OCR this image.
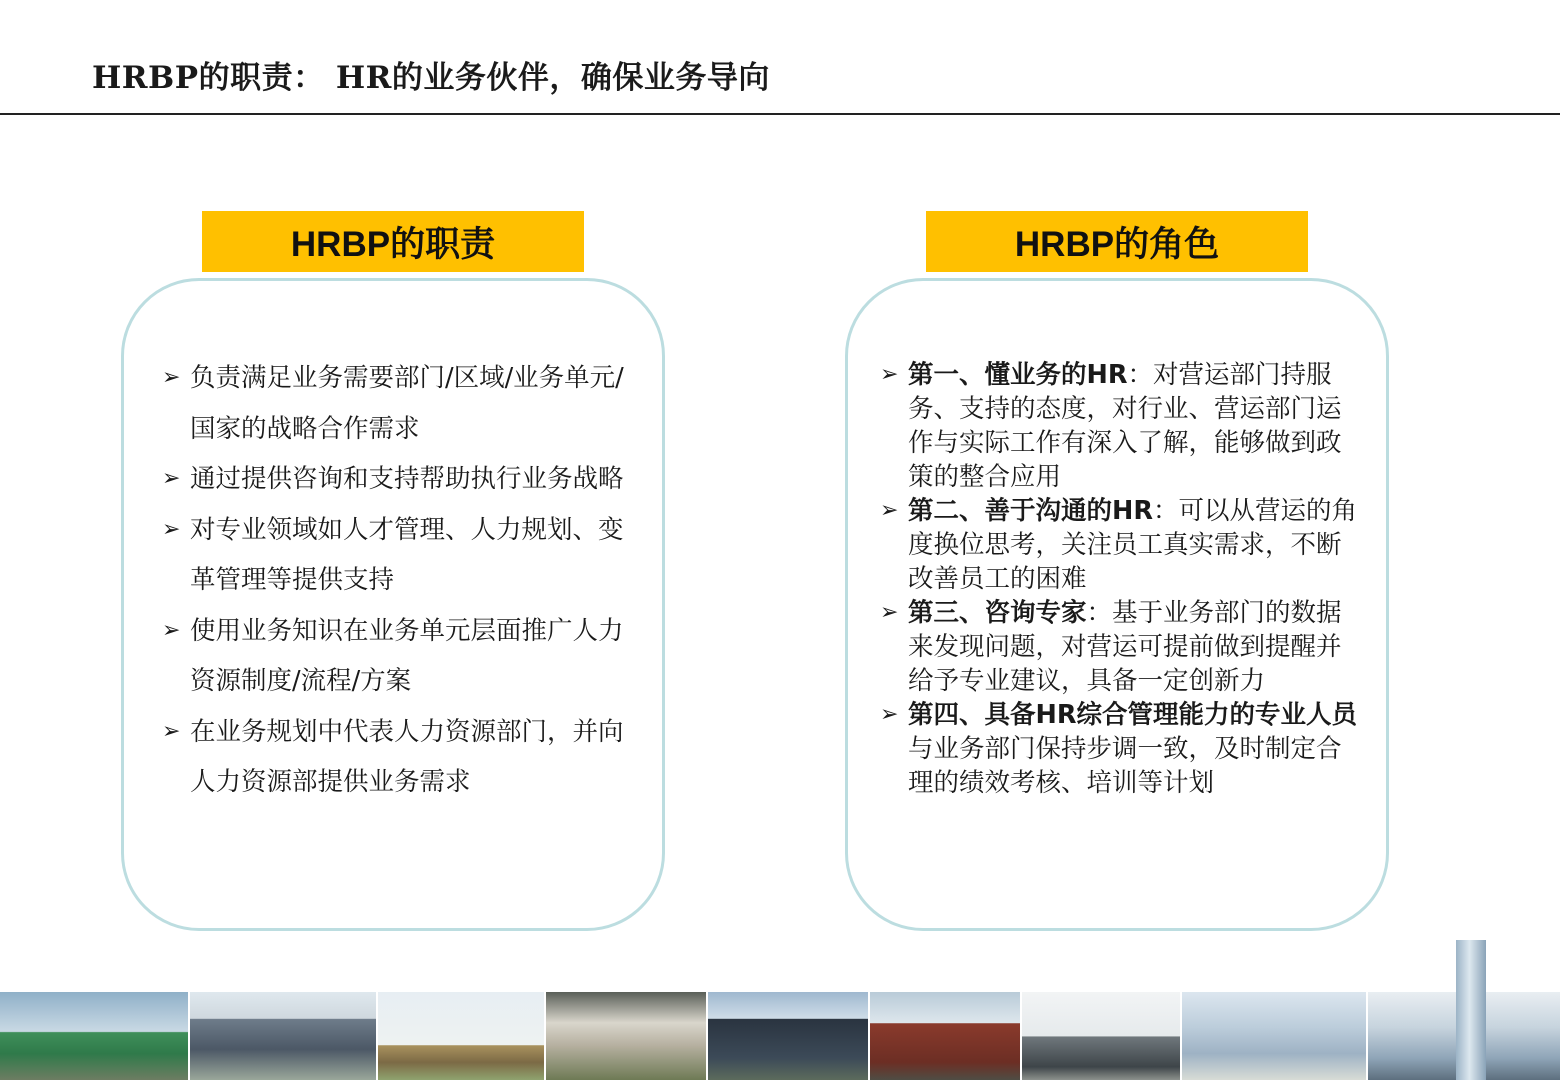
HRBP的职责： HR的业务伙伴，确保业务导向
HRBP的职责	HRBP的角色
➢ 负责满足业务需要部门/区域/业务单元/国家的战略合作需求
➢ 通过提供咨询和支持帮助执行业务战略
➢ 对专业领域如人才管理、人力规划、变革管理等提供支持
➢ 使用业务知识在业务单元层面推广人力资源制度/流程/方案
➢ 在业务规划中代表人力资源部门，并向人力资源部提供业务需求
➢ 第一、懂业务的HR：对营运部门持服务、支持的态度，对行业、营运部门运作与实际工作有深入了解，能够做到政策的整合应用
➢ 第二、善于沟通的HR：可以从营运的角度换位思考，关注员工真实需求，不断改善员工的困难
➢ 第三、咨询专家：基于业务部门的数据来发现问题，对营运可提前做到提醒并给予专业建议，具备一定创新力
➢ 第四、具备HR综合管理能力的专业人员与业务部门保持步调一致，及时制定合理的绩效考核、培训等计划
